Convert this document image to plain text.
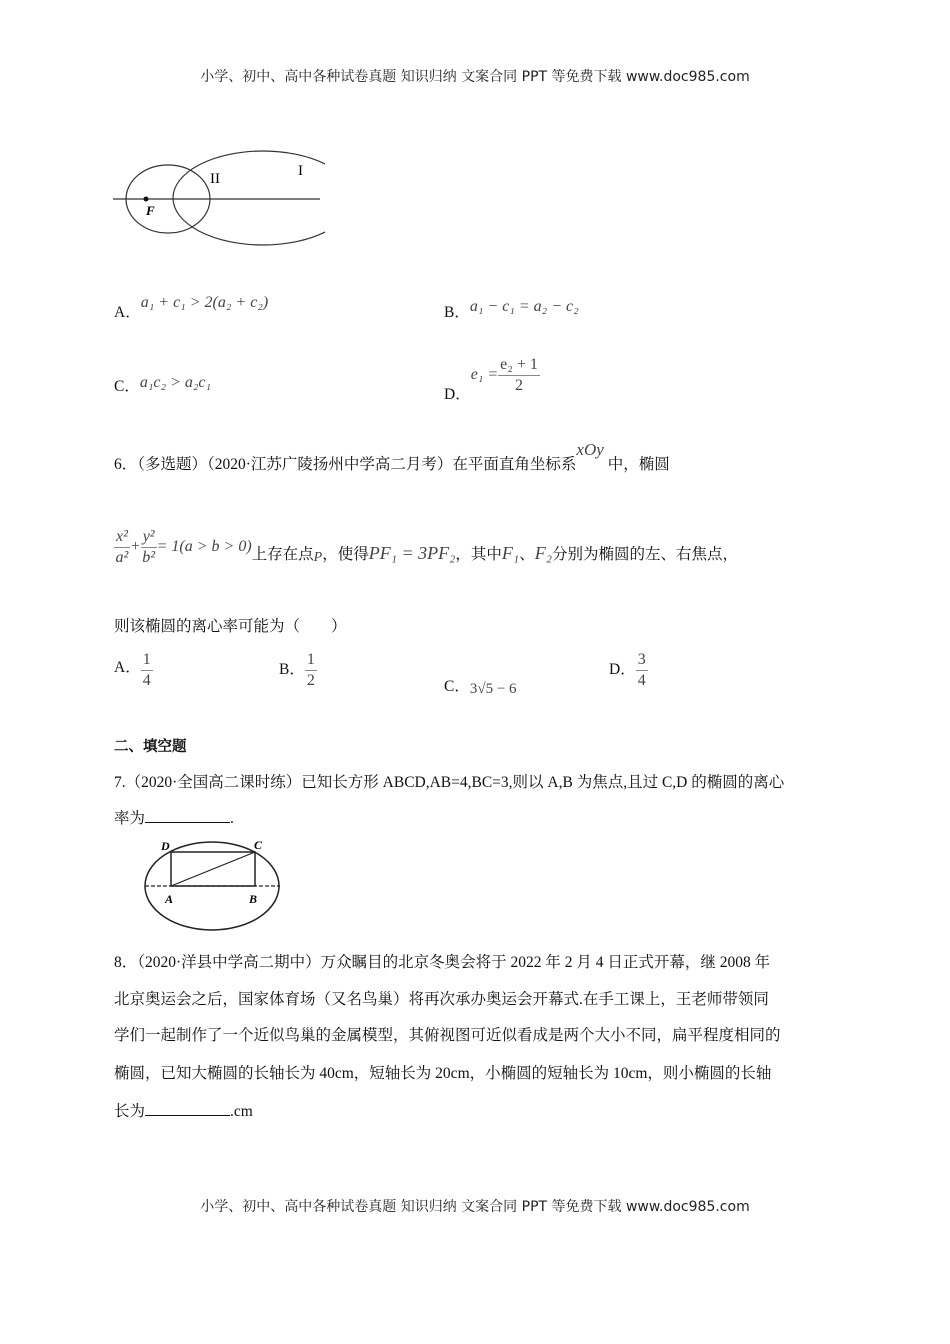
小学、初中、高中各种试卷真题 知识归纳 文案合同 PPT 等免费下载 www.doc985.com
I
II
F
A．a₁ + c₁ > 2(a₂ + c₂)
B．a₁ − c₁ = a₂ − c₂
C．a₁c₂ > a₂c₁
D．$e_1 = \frac{\text{e₂ + 1}}{2}$
6．（多选题）（2020·江苏广陵扬州中学高二月考）在平面直角坐标系xOy中，椭圆
$\frac{\text{x²}}{\text{a²}} + \frac{\text{y²}}{\text{b²}} = 1(a > b > 0)$上存在点P，使得PF₁ = 3PF₂，其中F₁、F₂分别为椭圆的左、右焦点，
则该椭圆的离心率可能为（　　）
A． $\frac{1}{4}$	B． $\frac{1}{2}$	C．3√5 − 6
D． $\frac{3}{4}$
二、填空题
7.（2020·全国高二课时练）已知长方形 ABCD,AB=4,BC=3,则以 A,B 为焦点,且过 C,D 的椭圆的离心
率为	.
D	C
A	B
8．（2020·洋县中学高二期中）万众瞩目的北京冬奥会将于 2022 年 2 月 4 日正式开幕，继 2008 年
北京奥运会之后，国家体育场（又名鸟巢）将再次承办奥运会开幕式.在手工课上，王老师带领同
学们一起制作了一个近似鸟巢的金属模型，其俯视图可近似看成是两个大小不同，扁平程度相同的
椭圆，已知大椭圆的长轴长为 40cm，短轴长为 20cm，小椭圆的短轴长为 10cm，则小椭圆的长轴
长为	.cm
小学、初中、高中各种试卷真题 知识归纳 文案合同 PPT 等免费下载 www.doc985.com
